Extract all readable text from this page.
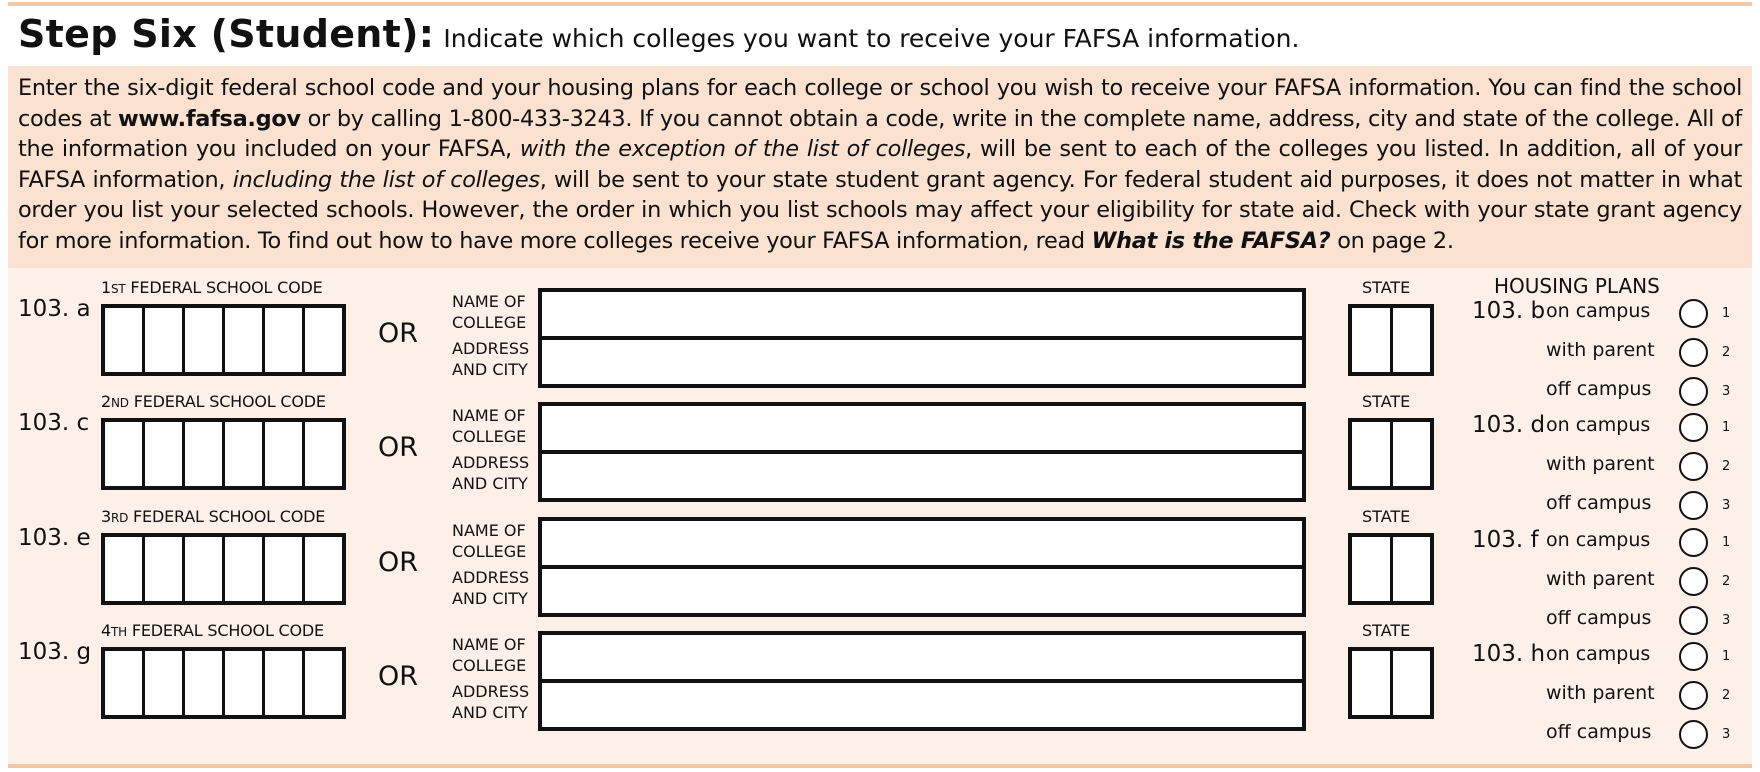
Step Six (Student): Indicate which colleges you want to receive your FAFSA information.
Enter the six-digit federal school code and your housing plans for each college or school you wish to receive your FAFSA information. You can find the school codes at www.fafsa.gov or by calling 1-800-433-3243. If you cannot obtain a code, write in the complete name, address, city and state of the college. All of the information you included on your FAFSA, with the exception of the list of colleges, will be sent to each of the colleges you listed. In addition, all of your FAFSA information, including the list of colleges, will be sent to your state student grant agency. For federal student aid purposes, it does not matter in what order you list your selected schools. However, the order in which you list schools may affect your eligibility for state aid. Check with your state grant agency for more information. To find out how to have more colleges receive your FAFSA information, read What is the FAFSA? on page 2.
HOUSING PLANS
103. a
1ST FEDERAL SCHOOL CODE
OR
NAME OF
COLLEGE
ADDRESS
AND CITY
STATE
103. b on campus	1
with parent	2
off campus	3
103. c
2ND FEDERAL SCHOOL CODE
OR
NAME OF
COLLEGE
ADDRESS
AND CITY
STATE
103. d on campus	1
with parent	2
off campus	3
103. e
3RD FEDERAL SCHOOL CODE
OR
NAME OF
COLLEGE
ADDRESS
AND CITY
STATE
103. f on campus	1
with parent	2
off campus	3
103. g
4TH FEDERAL SCHOOL CODE
OR
NAME OF
COLLEGE
ADDRESS
AND CITY
STATE
103. h on campus	1
with parent	2
off campus	3
